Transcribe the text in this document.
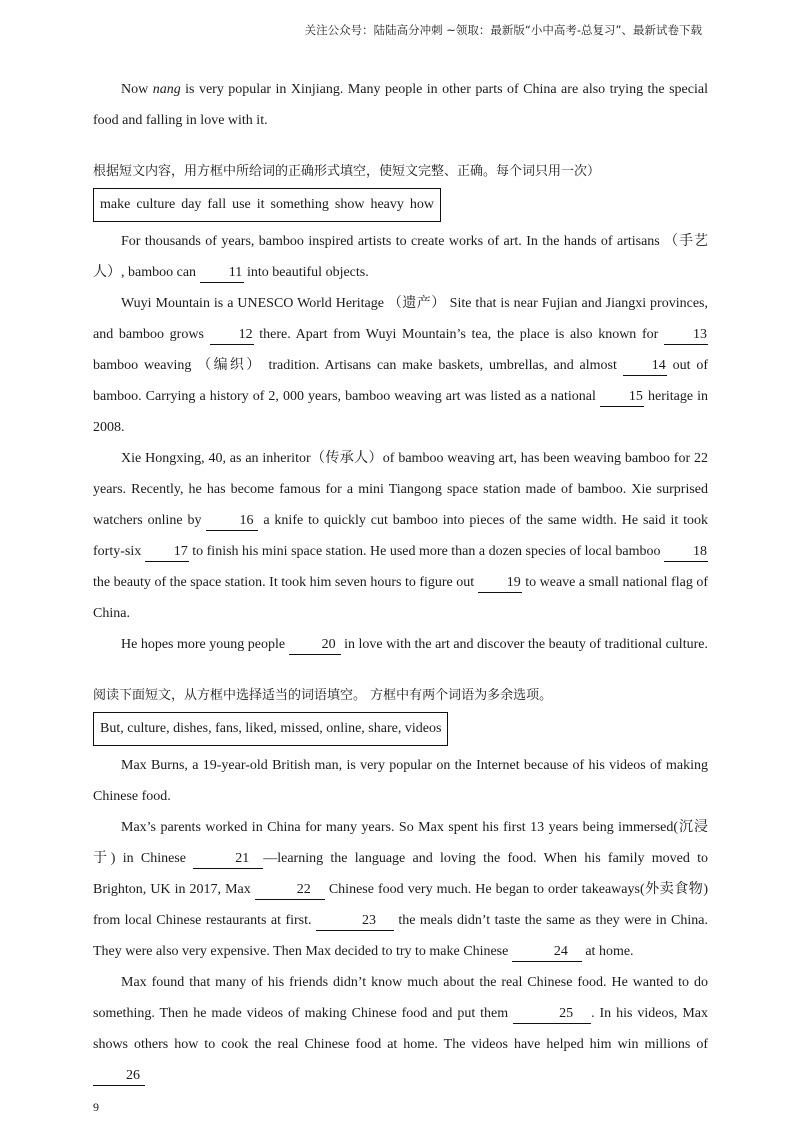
关注公众号：陆陆高分冲刺 ~领取：最新版“小中高考-总复习”、最新试卷下载

Now nang is very popular in Xinjiang. Many people in other parts of China are also trying the special food and falling in love with it.

根据短文内容，用方框中所给词的正确形式填空，使短文完整、正确。每个词只用一次）

make culture day fall use it something show heavy how

For thousands of years, bamboo inspired artists to create works of art. In the hands of artisans （手艺人）, bamboo can 11 into beautiful objects.

Wuyi Mountain is a UNESCO World Heritage （遗产） Site that is near Fujian and Jiangxi provinces, and bamboo grows 12 there. Apart from Wuyi Mountain’s tea, the place is also known for 13 bamboo weaving （编织） tradition. Artisans can make baskets, umbrellas, and almost 14 out of bamboo. Carrying a history of 2, 000 years, bamboo weaving art was listed as a national 15 heritage in 2008.

Xie Hongxing, 40, as an inheritor（传承人）of bamboo weaving art, has been weaving bamboo for 22 years. Recently, he has become famous for a mini Tiangong space station made of bamboo. Xie surprised watchers online by 16 a knife to quickly cut bamboo into pieces of the same width. He said it took forty-six 17 to finish his mini space station. He used more than a dozen species of local bamboo 18 the beauty of the space station. It took him seven hours to figure out 19 to weave a small national flag of China.

He hopes more young people 20 in love with the art and discover the beauty of traditional culture.

阅读下面短文，从方框中选择适当的词语填空。 方框中有两个词语为多余选项。

But, culture, dishes, fans, liked, missed, online, share, videos

Max Burns, a 19-year-old British man, is very popular on the Internet because of his videos of making Chinese food.

Max’s parents worked in China for many years. So Max spent his first 13 years being immersed(沉浸于) in Chinese	21 —learning the language and loving the food. When his family moved to Brighton, UK in 2017, Max	22 Chinese food very much. He began to order takeaways(外卖食物) from local Chinese restaurants at first.	23 the meals didn’t taste the same as they were in China. They were also very expensive. Then Max decided to try to make Chinese	24 at home.

Max found that many of his friends didn’t know much about the real Chinese food. He wanted to do something. Then he made videos of making Chinese food and put them	25 . In his videos, Max shows others how to cook the real Chinese food at home. The videos have helped him win millions of 26

9
